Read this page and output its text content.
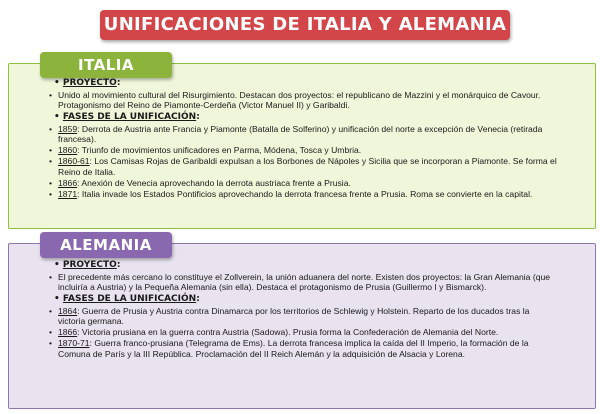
UNIFICACIONES DE ITALIA Y ALEMANIA
ITALIA
• PROYECTO:
• Unido al movimiento cultural del Risurgimiento. Destacan dos proyectos: el republicano de Mazzini y el monárquico de Cavour. Protagonismo del Reino de Piamonte-Cerdeña (Victor Manuel II) y Garibaldi.
• FASES DE LA UNIFICACIÓN:
• 1859: Derrota de Austria ante Francia y Piamonte (Batalla de Solferino) y unificación del norte a excepción de Venecia (retirada francesa).
• 1860: Triunfo de movimientos unificadores en Parma, Módena, Tosca y Umbria.
• 1860-61: Los Camisas Rojas de Garibaldi expulsan a los Borbones de Nápoles y Sicilia que se incorporan a Piamonte. Se forma el Reino de Italia.
• 1866: Anexión de Venecia aprovechando la derrota austriaca frente a Prusia.
• 1871: Italia invade los Estados Pontificios aprovechando la derrota francesa frente a Prusia. Roma se convierte en la capital.
ALEMANIA
• PROYECTO:
• El precedente más cercano lo constituye el Zollverein, la unión aduanera del norte. Existen dos proyectos: la Gran Alemania (que incluiría a Austria) y la Pequeña Alemania (sin ella). Destaca el protagonismo de Prusia (Guillermo I y Bismarck).
• FASES DE LA UNIFICACIÓN:
• 1864: Guerra de Prusia y Austria contra Dinamarca por los territorios de Schlewig y Holstein. Reparto de los ducados tras la victoria germana.
• 1866: Victoria prusiana en la guerra contra Austria (Sadowa). Prusia forma la Confederación de Alemania del Norte.
• 1870-71: Guerra franco-prusiana (Telegrama de Ems). La derrota francesa implica la caída del II Imperio, la formación de la Comuna de París y la III República. Proclamación del II Reich Alemán y la adquisición de Alsacia y Lorena.
